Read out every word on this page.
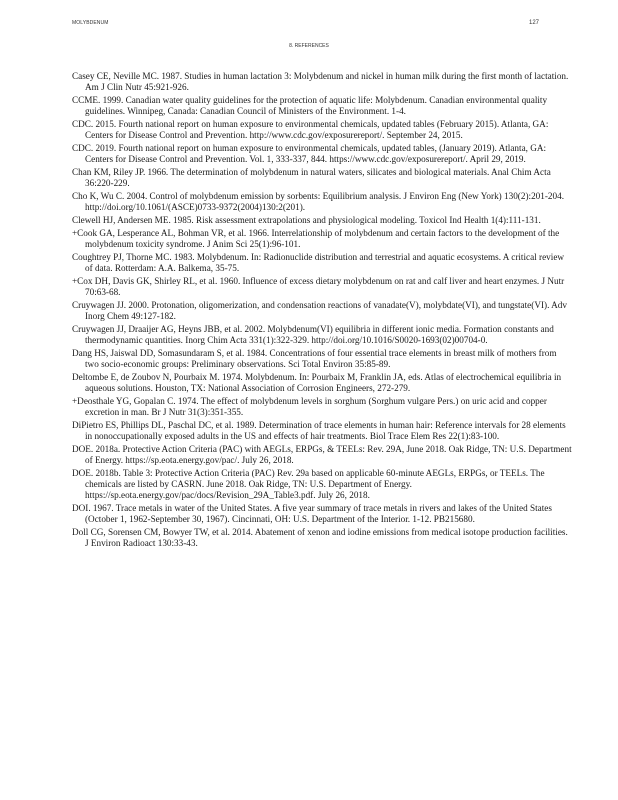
MOLYBDENUM	127
8. REFERENCES

Casey CE, Neville MC. 1987. Studies in human lactation 3: Molybdenum and nickel in human milk during the first month of lactation. Am J Clin Nutr 45:921-926.

CCME. 1999. Canadian water quality guidelines for the protection of aquatic life: Molybdenum. Canadian environmental quality guidelines. Winnipeg, Canada: Canadian Council of Ministers of the Environment. 1-4.

CDC. 2015. Fourth national report on human exposure to environmental chemicals, updated tables (February 2015). Atlanta, GA: Centers for Disease Control and Prevention. http://www.cdc.gov/exposurereport/. September 24, 2015.

CDC. 2019. Fourth national report on human exposure to environmental chemicals, updated tables, (January 2019). Atlanta, GA: Centers for Disease Control and Prevention. Vol. 1, 333-337, 844. https://www.cdc.gov/exposurereport/. April 29, 2019.

Chan KM, Riley JP. 1966. The determination of molybdenum in natural waters, silicates and biological materials. Anal Chim Acta 36:220-229.

Cho K, Wu C. 2004. Control of molybdenum emission by sorbents: Equilibrium analysis. J Environ Eng (New York) 130(2):201-204. http://doi.org/10.1061/(ASCE)0733-9372(2004)130:2(201).

Clewell HJ, Andersen ME. 1985. Risk assessment extrapolations and physiological modeling. Toxicol Ind Health 1(4):111-131.

+Cook GA, Lesperance AL, Bohman VR, et al. 1966. Interrelationship of molybdenum and certain factors to the development of the molybdenum toxicity syndrome. J Anim Sci 25(1):96-101.

Coughtrey PJ, Thorne MC. 1983. Molybdenum. In: Radionuclide distribution and terrestrial and aquatic ecosystems. A critical review of data. Rotterdam: A.A. Balkema, 35-75.

+Cox DH, Davis GK, Shirley RL, et al. 1960. Influence of excess dietary molybdenum on rat and calf liver and heart enzymes. J Nutr 70:63-68.

Cruywagen JJ. 2000. Protonation, oligomerization, and condensation reactions of vanadate(V), molybdate(VI), and tungstate(VI). Adv Inorg Chem 49:127-182.

Cruywagen JJ, Draaijer AG, Heyns JBB, et al. 2002. Molybdenum(VI) equilibria in different ionic media. Formation constants and thermodynamic quantities. Inorg Chim Acta 331(1):322-329. http://doi.org/10.1016/S0020-1693(02)00704-0.

Dang HS, Jaiswal DD, Somasundaram S, et al. 1984. Concentrations of four essential trace elements in breast milk of mothers from two socio-economic groups: Preliminary observations. Sci Total Environ 35:85-89.

Deltombe E, de Zoubov N, Pourbaix M. 1974. Molybdenum. In: Pourbaix M, Franklin JA, eds. Atlas of electrochemical equilibria in aqueous solutions. Houston, TX: National Association of Corrosion Engineers, 272-279.

+Deosthale YG, Gopalan C. 1974. The effect of molybdenum levels in sorghum (Sorghum vulgare Pers.) on uric acid and copper excretion in man. Br J Nutr 31(3):351-355.

DiPietro ES, Phillips DL, Paschal DC, et al. 1989. Determination of trace elements in human hair: Reference intervals for 28 elements in nonoccupationally exposed adults in the US and effects of hair treatments. Biol Trace Elem Res 22(1):83-100.

DOE. 2018a. Protective Action Criteria (PAC) with AEGLs, ERPGs, & TEELs: Rev. 29A, June 2018. Oak Ridge, TN: U.S. Department of Energy. https://sp.eota.energy.gov/pac/. July 26, 2018.

DOE. 2018b. Table 3: Protective Action Criteria (PAC) Rev. 29a based on applicable 60-minute AEGLs, ERPGs, or TEELs. The chemicals are listed by CASRN. June 2018. Oak Ridge, TN: U.S. Department of Energy. https://sp.eota.energy.gov/pac/docs/Revision_29A_Table3.pdf. July 26, 2018.

DOI. 1967. Trace metals in water of the United States. A five year summary of trace metals in rivers and lakes of the United States (October 1, 1962-September 30, 1967). Cincinnati, OH: U.S. Department of the Interior. 1-12. PB215680.

Doll CG, Sorensen CM, Bowyer TW, et al. 2014. Abatement of xenon and iodine emissions from medical isotope production facilities. J Environ Radioact 130:33-43.
